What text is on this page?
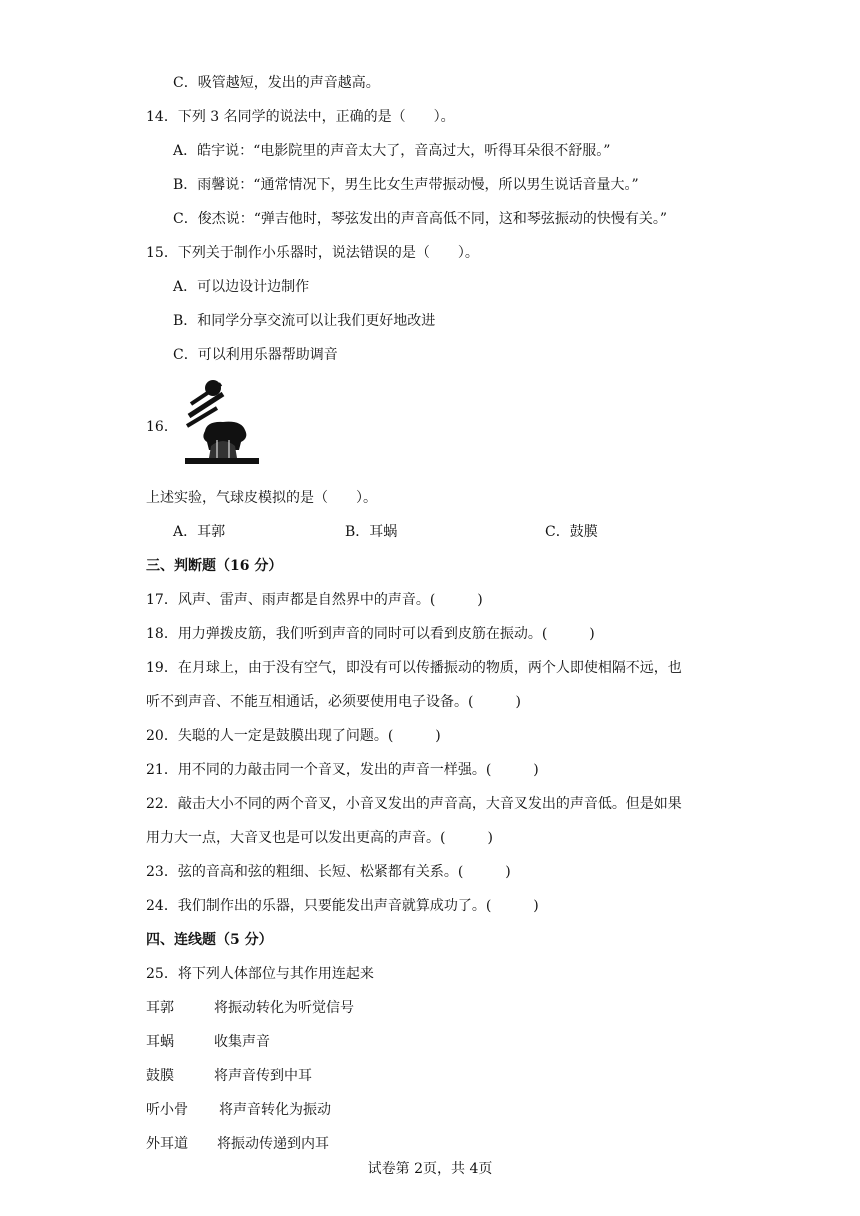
C．吸管越短，发出的声音越高。
14．下列 3 名同学的说法中，正确的是（　　）。
A．皓宇说：“电影院里的声音太大了，音高过大，听得耳朵很不舒服。”
B．雨馨说：“通常情况下，男生比女生声带振动慢，所以男生说话音量大。”
C．俊杰说：“弹吉他时，琴弦发出的声音高低不同，这和琴弦振动的快慢有关。”
15．下列关于制作小乐器时，说法错误的是（　　）。
A．可以边设计边制作
B．和同学分享交流可以让我们更好地改进
C．可以利用乐器帮助调音
16．
上述实验，气球皮模拟的是（　　）。
A．耳郭	B．耳蜗	C．鼓膜
三、判断题（16 分）
17．风声、雷声、雨声都是自然界中的声音。(　　　)
18．用力弹拨皮筋，我们听到声音的同时可以看到皮筋在振动。(　　　)
19．在月球上，由于没有空气，即没有可以传播振动的物质，两个人即使相隔不远，也
听不到声音、不能互相通话，必须要使用电子设备。(　　　)
20．失聪的人一定是鼓膜出现了问题。(　　　)
21．用不同的力敲击同一个音叉，发出的声音一样强。(　　　)
22．敲击大小不同的两个音叉，小音叉发出的声音高，大音叉发出的声音低。但是如果
用力大一点，大音叉也是可以发出更高的声音。(　　　)
23．弦的音高和弦的粗细、长短、松紧都有关系。(　　　)
24．我们制作出的乐器，只要能发出声音就算成功了。(　　　)
四、连线题（5 分）
25．将下列人体部位与其作用连起来
耳郭	将振动转化为听觉信号
耳蜗	收集声音
鼓膜	将声音传到中耳
听小骨 将声音转化为振动
外耳道 将振动传递到内耳
试卷第 2页，共 4页
